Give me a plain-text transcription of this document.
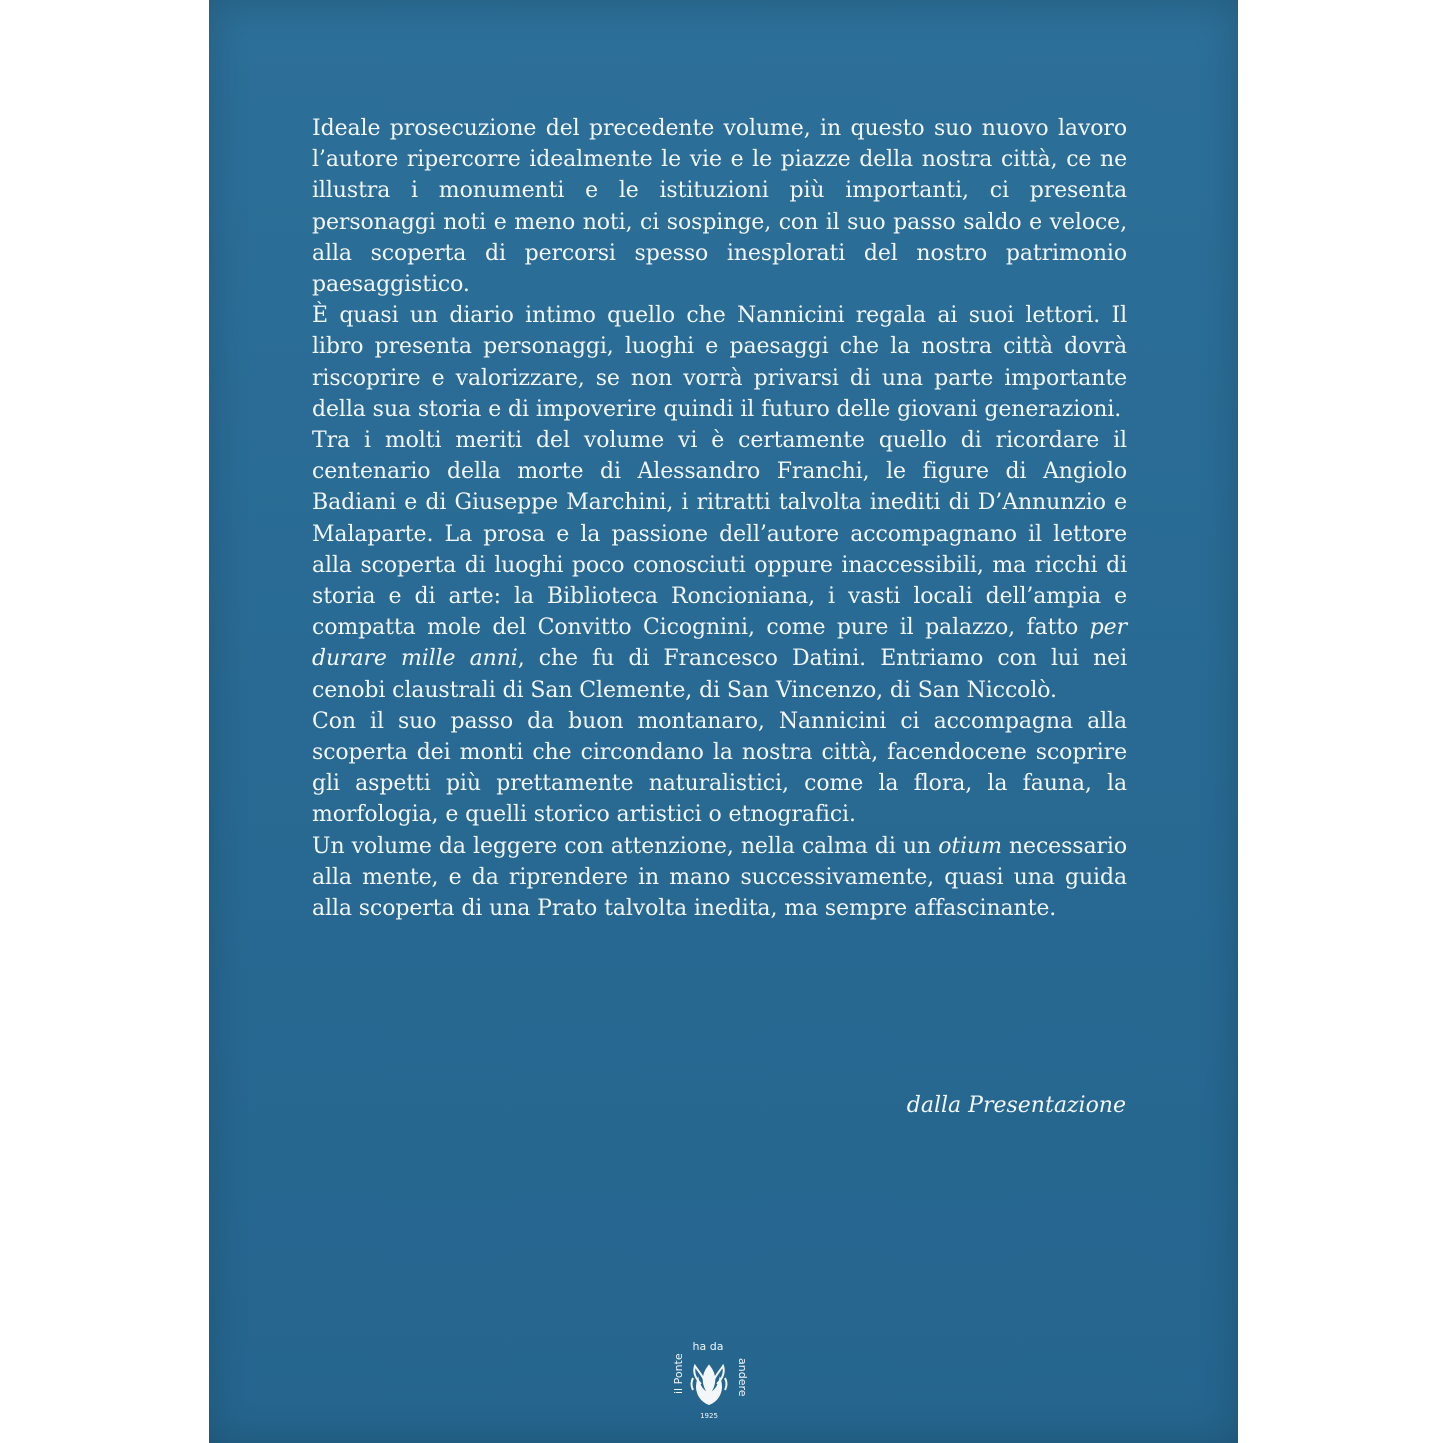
Ideale prosecuzione del precedente volume, in questo suo nuovo lavoro l’autore ripercorre idealmente le vie e le piazze della nostra città, ce ne illustra i monumenti e le istituzioni più importanti, ci presenta personaggi noti e meno noti, ci sospinge, con il suo passo saldo e veloce, alla scoperta di percorsi spesso inesplorati del nostro patrimonio paesaggistico.

È quasi un diario intimo quello che Nannicini regala ai suoi lettori. Il libro presenta personaggi, luoghi e paesaggi che la nostra città dovrà riscoprire e valorizzare, se non vorrà privarsi di una parte importante della sua storia e di impoverire quindi il futuro delle giovani generazioni.

Tra i molti meriti del volume vi è certamente quello di ricordare il centenario della morte di Alessandro Franchi, le figure di Angiolo Badiani e di Giuseppe Marchini, i ritratti talvolta inediti di D’Annunzio e Malaparte. La prosa e la passione dell’autore accompagnano il lettore alla scoperta di luoghi poco conosciuti oppure inaccessibili, ma ricchi di storia e di arte: la Biblioteca Roncioniana, i vasti locali dell’ampia e compatta mole del Convitto Cicognini, come pure il palazzo, fatto per durare mille anni, che fu di Francesco Datini. Entriamo con lui nei cenobi claustrali di San Clemente, di San Vincenzo, di San Niccolò.

Con il suo passo da buon montanaro, Nannicini ci accompagna alla scoperta dei monti che circondano la nostra città, facendocene scoprire gli aspetti più prettamente naturalistici, come la flora, la fauna, la morfologia, e quelli storico artistici o etnografici.

Un volume da leggere con attenzione, nella calma di un otium necessario alla mente, e da riprendere in mano successivamente, quasi una guida alla scoperta di una Prato talvolta inedita, ma sempre affascinante.

dalla Presentazione
il Ponte
ha da
andere
1925
